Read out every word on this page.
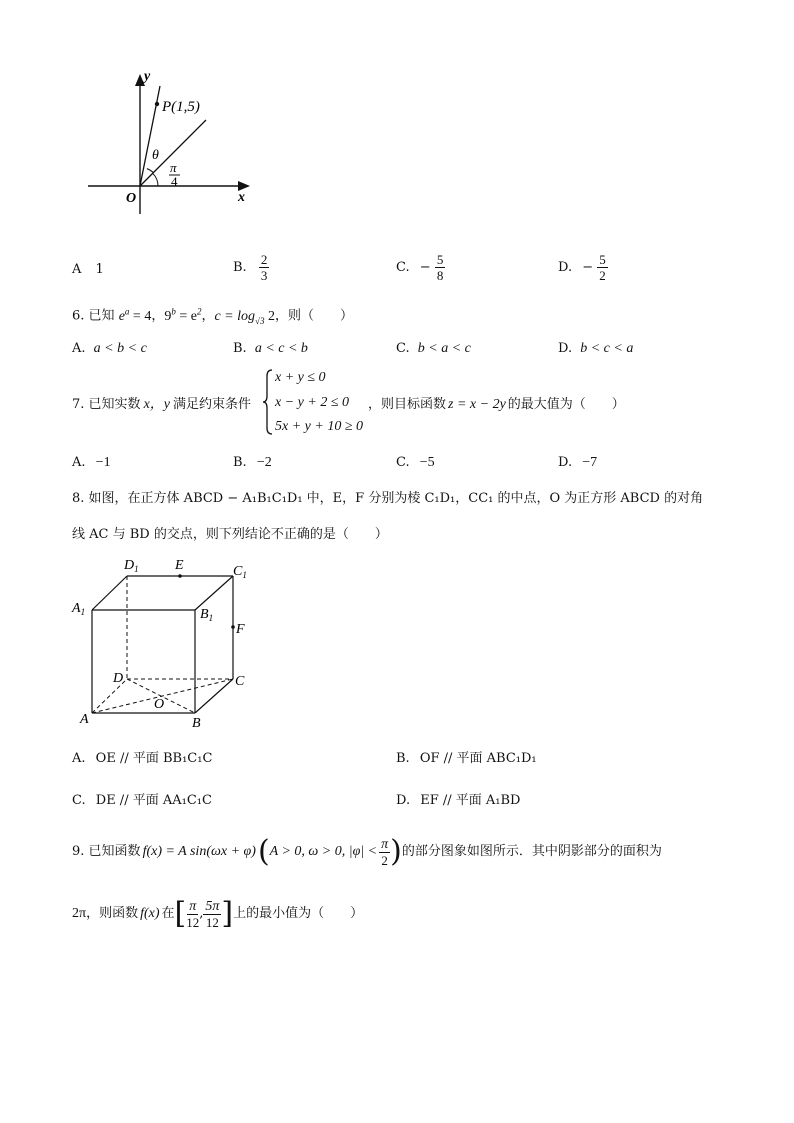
y
x
O
P(1,5)
θ
π
4
A 1	B. $\frac{2}{3}$	C. − $\frac{5}{8}$	D. − $\frac{5}{2}$
6. 已知 $e^a = 4$，$9^b = e^2$，$c = \log_{√3} 2$，则（　　）
A. a < b < c	B. a < c < b	C. b < a < c	D. b < c < a
7. 已知实数 x，y 满足约束条件
x + y ≤ 0
x − y + 2 ≤ 0
5x + y + 10 ≥ 0
，则目标函数 z = x − 2y 的最大值为（　　）
A. −1	B. −2	C. −5	D. −7
8. 如图，在正方体 ABCD − A₁B₁C₁D₁ 中，E，F 分别为棱 C₁D₁，CC₁ 的中点，O 为正方形 ABCD 的对角
线 AC 与 BD 的交点，则下列结论不正确的是（　　）
$D_1$	E	$C_1$
$A_1$	$B_1$
F
D	C
O
A	B
A. OE // 平面 BB₁C₁C	B. OF // 平面 ABC₁D₁
C. DE // 平面 AA₁C₁C	D. EF // 平面 A₁BD
9.
已知函数 f(x) = A sin(ωx + φ) ( A > 0, ω > 0, $|\varphi| < \frac{\pi}{2}$ ) 的部分图象如图所示．其中阴影部分的面积为
2π ，则函数 f(x) 在 [ $\frac{\pi}{12}$ , $\frac{5\pi}{12}$ ] 上的最小值为（　　）
